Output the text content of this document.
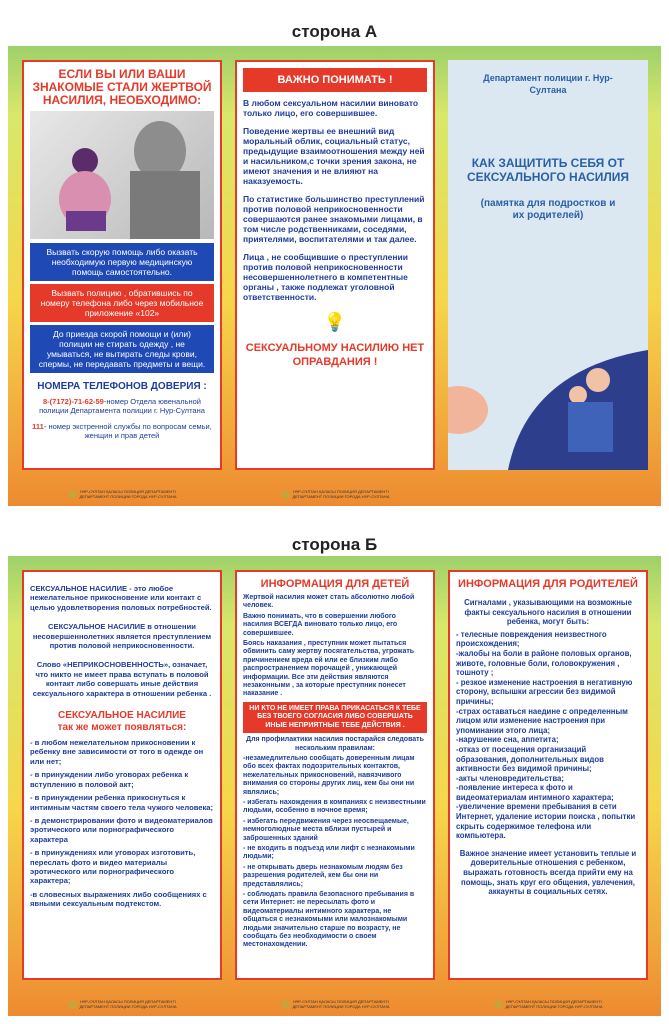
сторона А
ЕСЛИ ВЫ ИЛИ ВАШИ ЗНАКОМЫЕ СТАЛИ ЖЕРТВОЙ НАСИЛИЯ, НЕОБХОДИМО:
Вызвать скорую помощь либо оказать необходимую первую медицинскую помощь самостоятельно.
Вызвать полицию , обратившись по номеру телефона либо через мобильное приложение «102»
До приезда скорой помощи и (или) полиции не стирать одежду , не умываться, не вытирать следы крови, спермы, не передавать предметы и вещи.
НОМЕРА ТЕЛЕФОНОВ ДОВЕРИЯ :
8-(7172)-71-62-59-номер Отдела ювенальной полиции Департамента полиции г. Нур-Султана
111- номер экстренной службы по вопросам семьи, женщин и прав детей
НҰР-СҰЛТАН ҚАЛАСЫ ПОЛИЦИЯ ДЕПАРТАМЕНТІ
ДЕПАРТАМЕНТ ПОЛИЦИИ ГОРОДА НУР-СУЛТАНА
ВАЖНО ПОНИМАТЬ !

В любом сексуальном насилии виновато только лицо, его совершившее.

Поведение жертвы ее внешний вид моральный облик, социальный статус, предыдущие взаимоотношения между ней и насильником,с точки зрения закона, не имеют значения и не влияют на наказуемость.

По статистике большинство преступлений против половой неприкосновенности совершаются ранее знакомыми лицами, в том числе родственниками, соседями, приятелями, воспитателями и так далее.

Лица , не сообщившие о преступлении против половой неприкосновенности несовершеннолетнего в компетентные органы , также подлежат уголовной ответственности.

💡
СЕКСУАЛЬНОМУ НАСИЛИЮ НЕТ ОПРАВДАНИЯ !
НҰР-СҰЛТАН ҚАЛАСЫ ПОЛИЦИЯ ДЕПАРТАМЕНТІ
ДЕПАРТАМЕНТ ПОЛИЦИИ ГОРОДА НУР-СУЛТАНА
Департамент полиции г. Нур-Султана
КАК ЗАЩИТИТЬ СЕБЯ ОТ СЕКСУАЛЬНОГО НАСИЛИЯ
(памятка для подростков и их родителей)
сторона Б

СЕКСУАЛЬНОЕ НАСИЛИЕ - это любое нежелательное прикосновение или контакт с целью удовлетворения половых потребностей.

СЕКСУАЛЬНОЕ НАСИЛИЕ в отношении несовершеннолетних является преступлением против половой неприкосновенности.

Слово «НЕПРИКОСНОВЕННОСТЬ», означает, что никто не имеет права вступать в половой контакт либо совершать иные действия сексуального характера в отношении ребенка .

СЕКСУАЛЬНОЕ НАСИЛИЕ
так же может появляться:

- в любом нежелательном прикосновении к ребенку вне зависимости от того в одежде он или нет;

- в принуждении либо уговорах ребенка к вступлению в половой акт;

- в принуждении ребенка прикоснуться к интимным частям своего тела чужого человека;

- в демонстрировании фото и видеоматериалов эротического или порнографического характера

- в принуждениях или уговорах изготовить, переслать фото и видео материалы эротического или порнографического характера;

-в словесных выражениях либо сообщениях с явными сексуальным подтекстом.

НҰР-СҰЛТАН ҚАЛАСЫ ПОЛИЦИЯ ДЕПАРТАМЕНТІ
ДЕПАРТАМЕНТ ПОЛИЦИИ ГОРОДА НУР-СУЛТАНА
ИНФОРМАЦИЯ ДЛЯ ДЕТЕЙ

Жертвой насилия может стать абсолютно любой человек.

Важно понимать, что в совершении любого насилия ВСЕГДА виновато только лицо, его совершившее.

Боясь наказания , преступник может пытаться обвинить саму жертву посягательства, угрожать причинением вреда ей или ее близким либо распространением порочащей , унижающей информации. Все эти действия являются незаконными , за которые преступник понесет наказание .

НИ КТО НЕ ИМЕЕТ ПРАВА ПРИКАСАТЬСЯ К ТЕБЕ БЕЗ ТВОЕГО СОГЛАСИЯ ЛИБО СОВЕРШАТЬ ИНЫЕ НЕПРИЯТНЫЕ ТЕБЕ ДЕЙСТВИЯ .

Для профилактики насилия постарайся следовать нескольким правилам:

-незамедлительно сообщать доверенным лицам обо всех фактах подозрительных контактов, нежелательных прикосновений, навязчивого внимания со стороны других лиц, кем бы они ни являлись;

- избегать нахождения в компаниях с неизвестными людьми, особенно в ночное время;

- избегать передвижения через неосвещаемые, немноголюдные места вблизи пустырей и заброшенных зданий

- не входить в подъезд или лифт с незнакомыми людьми;

- не открывать дверь незнакомым людям без разрешения родителей, кем бы они ни представлялись;

- соблюдать правила безопасного пребывания в сети Интернет: не пересылать фото и видеоматериалы интимного характера, не общаться с незнакомыми или малознакомыми людьми значительно старше по возрасту, не сообщать без необходимости о своем местонахождении.

НҰР-СҰЛТАН ҚАЛАСЫ ПОЛИЦИЯ ДЕПАРТАМЕНТІ
ДЕПАРТАМЕНТ ПОЛИЦИИ ГОРОДА НУР-СУЛТАНА
ИНФОРМАЦИЯ ДЛЯ РОДИТЕЛЕЙ

Сигналами , указывающими на возможные факты сексуального насилия в отношении ребенка, могут быть:

- телесные повреждения неизвестного происхождения;

-жалобы на боли в районе половых органов, животе, головные боли, головокружения , тошноту ;

- резкое изменение настроения в негативную сторону, вспышки агрессии без видимой причины;

-страх оставаться наедине с определенным лицом или изменение настроения при упоминании этого лица;

-нарушение сна, аппетита;

-отказ от посещения организаций образования, дополнительных видов активности без видимой причины;

-акты членовредительства;

-появление интереса к фото и видеоматериалам интимного характера;

-увеличение времени пребывания в сети Интернет, удаление истории поиска , попытки скрыть содержимое телефона или компьютера.

Важное значение имеет установить теплые и доверительные отношения с ребенком, выражать готовность всегда прийти ему на помощь, знать круг его общения, увлечения, аккаунты в социальных сетях.

НҰР-СҰЛТАН ҚАЛАСЫ ПОЛИЦИЯ ДЕПАРТАМЕНТІ
ДЕПАРТАМЕНТ ПОЛИЦИИ ГОРОДА НУР-СУЛТАНА
